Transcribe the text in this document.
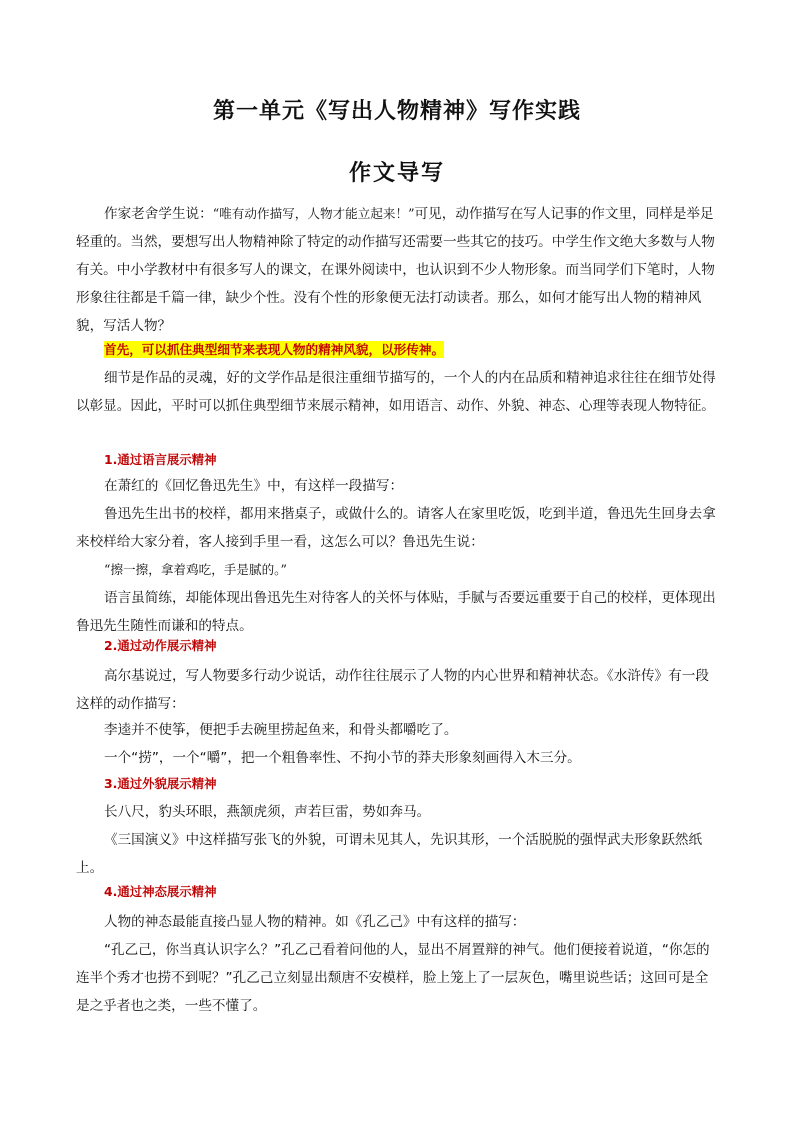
第一单元《写出人物精神》写作实践
作文导写

作家老舍学生说：“唯有动作描写，人物才能立起来！”可见，动作描写在写人记事的作文里，同样是举足轻重的。当然，要想写出人物精神除了特定的动作描写还需要一些其它的技巧。中学生作文绝大多数与人物有关。中小学教材中有很多写人的课文，在课外阅读中，也认识到不少人物形象。而当同学们下笔时，人物形象往往都是千篇一律，缺少个性。没有个性的形象便无法打动读者。那么，如何才能写出人物的精神风貌，写活人物？

首先，可以抓住典型细节来表现人物的精神风貌，以形传神。

细节是作品的灵魂，好的文学作品是很注重细节描写的，一个人的内在品质和精神追求往往在细节处得以彰显。因此，平时可以抓住典型细节来展示精神，如用语言、动作、外貌、神态、心理等表现人物特征。

1.通过语言展示精神

在萧红的《回忆鲁迅先生》中，有这样一段描写：

鲁迅先生出书的校样，都用来揩桌子，或做什么的。请客人在家里吃饭，吃到半道，鲁迅先生回身去拿来校样给大家分着，客人接到手里一看，这怎么可以？鲁迅先生说：

“擦一擦，拿着鸡吃，手是腻的。”

语言虽简练，却能体现出鲁迅先生对待客人的关怀与体贴，手腻与否要远重要于自己的校样，更体现出鲁迅先生随性而谦和的特点。

2.通过动作展示精神

高尔基说过，写人物要多行动少说话，动作往往展示了人物的内心世界和精神状态。《水浒传》有一段这样的动作描写：

李逵并不使筝，便把手去碗里捞起鱼来，和骨头都嚼吃了。

一个“捞”，一个“嚼”，把一个粗鲁率性、不拘小节的莽夫形象刻画得入木三分。

3.通过外貌展示精神

长八尺，豹头环眼，燕颔虎须，声若巨雷，势如奔马。

《三国演义》中这样描写张飞的外貌，可谓未见其人，先识其形，一个活脱脱的强悍武夫形象跃然纸上。

4.通过神态展示精神

人物的神态最能直接凸显人物的精神。如《孔乙己》中有这样的描写：

“孔乙己，你当真认识字么？”孔乙己看着问他的人，显出不屑置辩的神气。他们便接着说道，“你怎的连半个秀才也捞不到呢？”孔乙己立刻显出颓唐不安模样，脸上笼上了一层灰色，嘴里说些话；这回可是全是之乎者也之类，一些不懂了。
